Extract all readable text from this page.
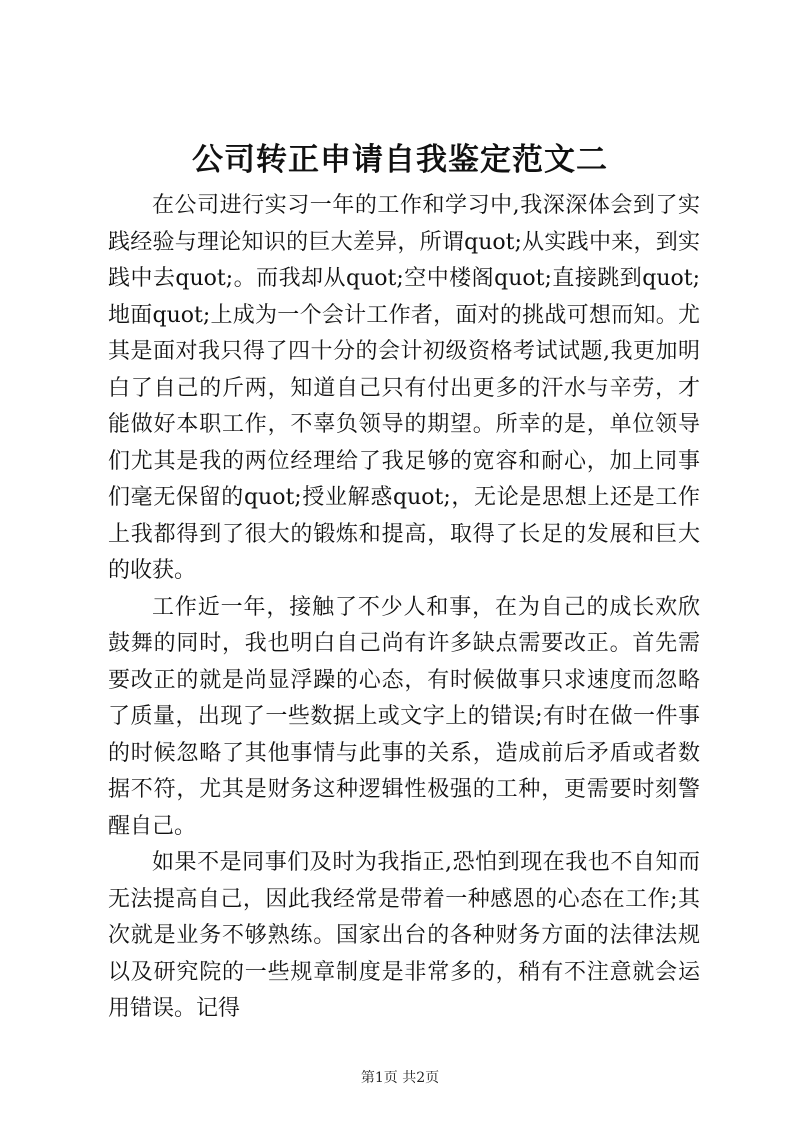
公司转正申请自我鉴定范文二

在公司进行实习一年的工作和学习中,我深深体会到了实践经验与理论知识的巨大差异，所谓quot;从实践中来，到实践中去quot;。而我却从quot;空中楼阁quot;直接跳到quot;地面quot;上成为一个会计工作者，面对的挑战可想而知。尤其是面对我只得了四十分的会计初级资格考试试题,我更加明白了自己的斤两，知道自己只有付出更多的汗水与辛劳，才能做好本职工作，不辜负领导的期望。所幸的是，单位领导们尤其是我的两位经理给了我足够的宽容和耐心，加上同事们毫无保留的quot;授业解惑quot;，无论是思想上还是工作上我都得到了很大的锻炼和提高，取得了长足的发展和巨大的收获。

工作近一年，接触了不少人和事，在为自己的成长欢欣鼓舞的同时，我也明白自己尚有许多缺点需要改正。首先需要改正的就是尚显浮躁的心态，有时候做事只求速度而忽略了质量，出现了一些数据上或文字上的错误;有时在做一件事的时候忽略了其他事情与此事的关系，造成前后矛盾或者数据不符，尤其是财务这种逻辑性极强的工种，更需要时刻警醒自己。

如果不是同事们及时为我指正,恐怕到现在我也不自知而无法提高自己，因此我经常是带着一种感恩的心态在工作;其次就是业务不够熟练。国家出台的各种财务方面的法律法规以及研究院的一些规章制度是非常多的，稍有不注意就会运用错误。记得

第1页 共2页
